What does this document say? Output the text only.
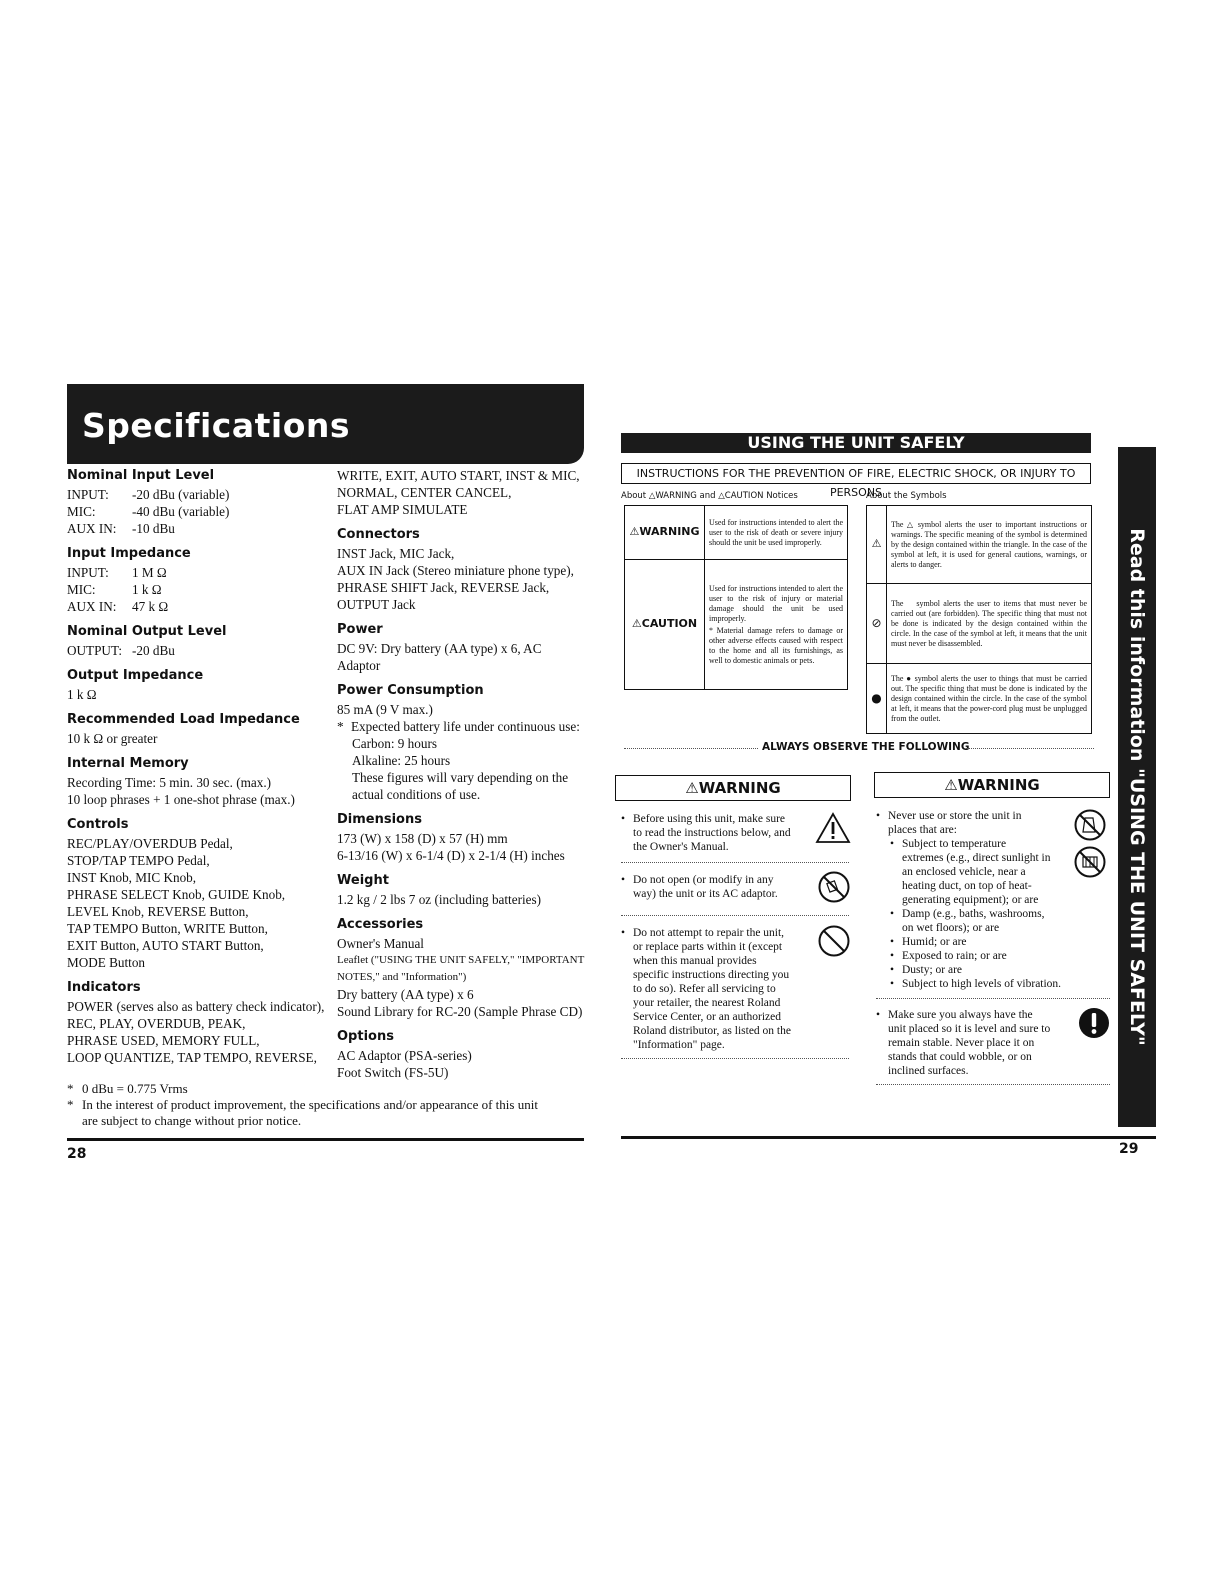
Specifications
Nominal Input Level
INPUT:	-20 dBu (variable)
MIC:	-40 dBu (variable)
AUX IN:	-10 dBu
Input Impedance
INPUT:	1 M Ω
MIC:	1 k Ω
AUX IN:	47 k Ω
Nominal Output Level
OUTPUT: -20 dBu
Output Impedance
1 k Ω
Recommended Load Impedance
10 k Ω or greater
Internal Memory
Recording Time: 5 min. 30 sec. (max.)
10 loop phrases + 1 one-shot phrase (max.)
Controls
REC/PLAY/OVERDUB Pedal,
STOP/TAP TEMPO Pedal,
INST Knob, MIC Knob,
PHRASE SELECT Knob, GUIDE Knob,
LEVEL Knob, REVERSE Button,
TAP TEMPO Button, WRITE Button,
EXIT Button, AUTO START Button,
MODE Button
Indicators
POWER (serves also as battery check indicator),
REC, PLAY, OVERDUB, PEAK,
PHRASE USED, MEMORY FULL,
LOOP QUANTIZE, TAP TEMPO, REVERSE,
WRITE, EXIT, AUTO START, INST & MIC,
NORMAL, CENTER CANCEL,
FLAT AMP SIMULATE
Connectors
INST Jack, MIC Jack,
AUX IN Jack (Stereo miniature phone type),
PHRASE SHIFT Jack, REVERSE Jack,
OUTPUT Jack
Power
DC 9V: Dry battery (AA type) x 6, AC Adaptor
Power Consumption
85 mA (9 V max.)
* Expected battery life under continuous use:
Carbon: 9 hours
Alkaline: 25 hours
These figures will vary depending on the
actual conditions of use.
Dimensions
173 (W) x 158 (D) x 57 (H) mm
6-13/16 (W) x 6-1/4 (D) x 2-1/4 (H) inches
Weight
1.2 kg / 2 lbs 7 oz (including batteries)
Accessories
Owner's Manual
Leaflet ("USING THE UNIT SAFELY," "IMPORTANT
NOTES," and "Information")
Dry battery (AA type) x 6
Sound Library for RC-20 (Sample Phrase CD)
Options
AC Adaptor (PSA-series)
Foot Switch (FS-5U)
* 0 dBu = 0.775 Vrms
* In the interest of product improvement, the specifications and/or appearance of this unit
are subject to change without prior notice.
28
USING THE UNIT SAFELY
INSTRUCTIONS FOR THE PREVENTION OF FIRE, ELECTRIC SHOCK, OR INJURY TO PERSONS
About △WARNING and △CAUTION Notices	About the Symbols
⚠WARNING	Used for instructions intended to alert the user to the risk of death or severe injury should the unit be used improperly.
⚠CAUTION	Used for instructions intended to alert the user to the risk of injury or material damage should the unit be used improperly.
* Material damage refers to damage or other adverse effects caused with respect to the home and all its furnishings, as well to domestic animals or pets.
⚠	The △ symbol alerts the user to important instructions or warnings. The specific meaning of the symbol is determined by the design contained within the triangle. In the case of the symbol at left, it is used for general cautions, warnings, or alerts to danger.
⊘	The ⃠ symbol alerts the user to items that must never be carried out (are forbidden). The specific thing that must not be done is indicated by the design contained within the circle. In the case of the symbol at left, it means that the unit must never be disassembled.
●	The ● symbol alerts the user to things that must be carried out. The specific thing that must be done is indicated by the design contained within the circle. In the case of the symbol at left, it means that the power-cord plug must be unplugged from the outlet.
ALWAYS OBSERVE THE FOLLOWING
⚠WARNING
• Before using this unit, make sure
to read the instructions below, and
the Owner's Manual.
• Do not open (or modify in any
way) the unit or its AC adaptor.
• Do not attempt to repair the unit,
or replace parts within it (except
when this manual provides
specific instructions directing you
to do so). Refer all servicing to
your retailer, the nearest Roland
Service Center, or an authorized
Roland distributor, as listed on the
"Information" page.
⚠WARNING
• Never use or store the unit in
places that are:
• Subject to temperature
extremes (e.g., direct sunlight in
an enclosed vehicle, near a
heating duct, on top of heat-
generating equipment); or are
• Damp (e.g., baths, washrooms,
on wet floors); or are
• Humid; or are
• Exposed to rain; or are
• Dusty; or are
• Subject to high levels of vibration.
• Make sure you always have the
unit placed so it is level and sure to
remain stable. Never place it on
stands that could wobble, or on
inclined surfaces.
Read this information "USING THE UNIT SAFELY"
29
